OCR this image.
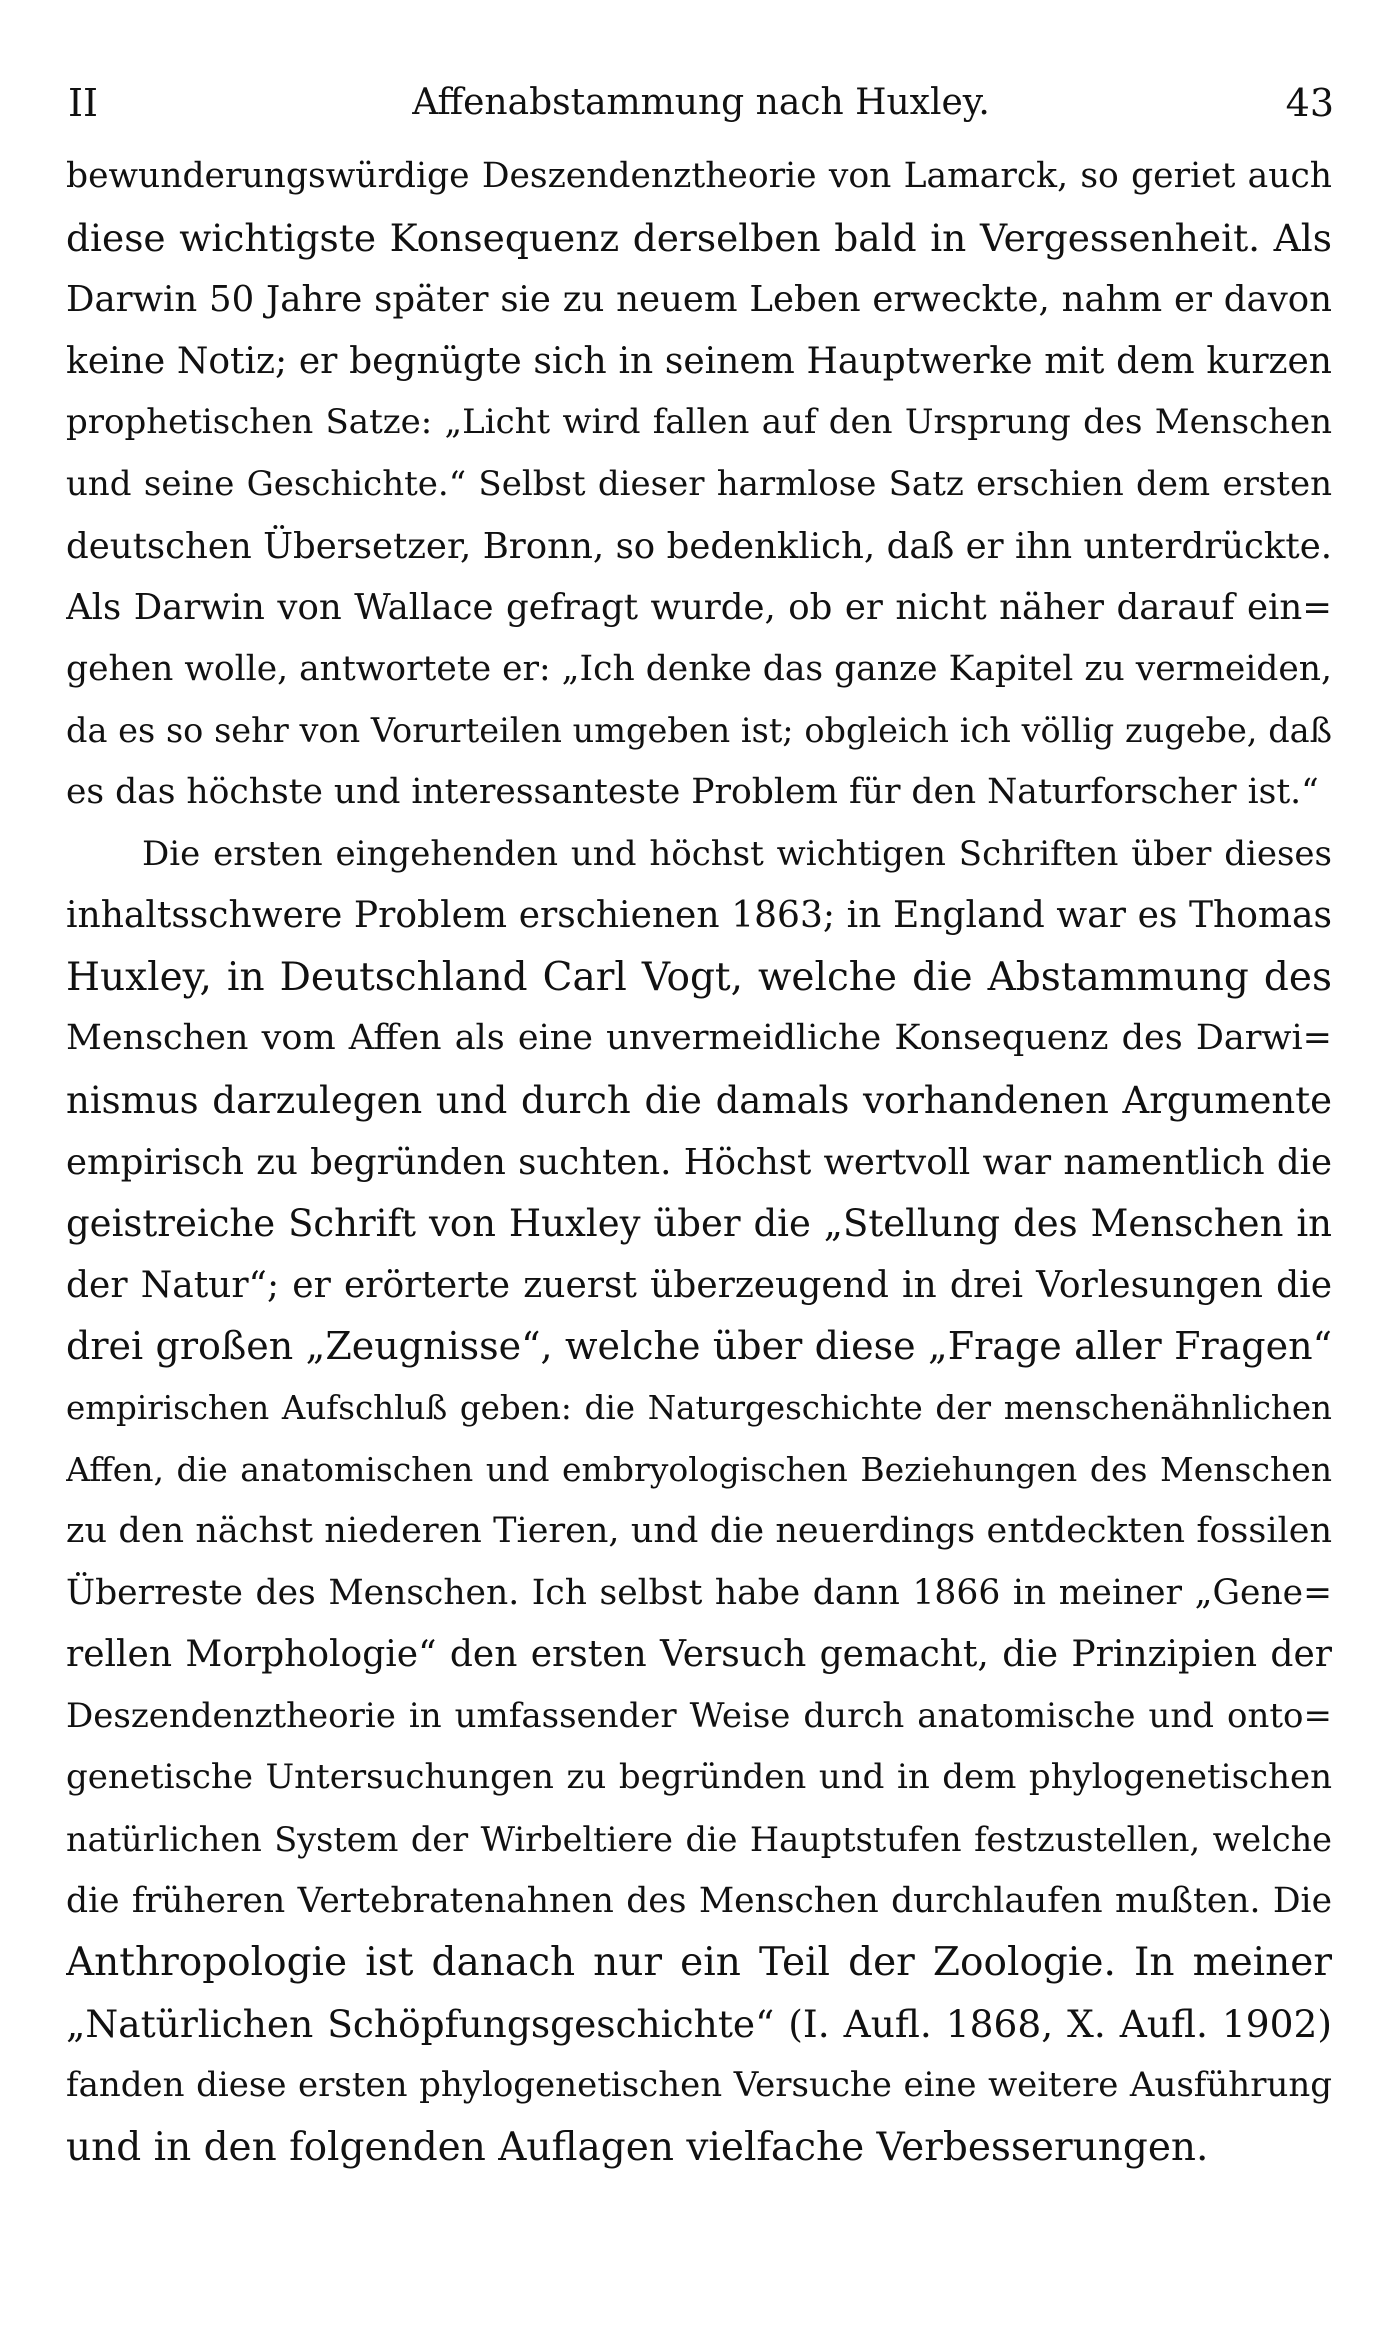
II	Affenabstammung nach Huxley.	43
bewunderungswürdige Deszendenztheorie von Lamarck, so geriet auch
diese wichtigste Konsequenz derselben bald in Vergessenheit. Als
Darwin 50 Jahre später sie zu neuem Leben erweckte, nahm er davon
keine Notiz; er begnügte sich in seinem Hauptwerke mit dem kurzen
prophetischen Satze: „Licht wird fallen auf den Ursprung des Menschen
und seine Geschichte.“ Selbst dieser harmlose Satz erschien dem ersten
deutschen Übersetzer, Bronn, so bedenklich, daß er ihn unterdrückte.
Als Darwin von Wallace gefragt wurde, ob er nicht näher darauf ein=
gehen wolle, antwortete er: „Ich denke das ganze Kapitel zu vermeiden,
da es so sehr von Vorurteilen umgeben ist; obgleich ich völlig zugebe, daß
es das höchste und interessanteste Problem für den Naturforscher ist.“
Die ersten eingehenden und höchst wichtigen Schriften über dieses
inhaltsschwere Problem erschienen 1863; in England war es Thomas
Huxley, in Deutschland Carl Vogt, welche die Abstammung des
Menschen vom Affen als eine unvermeidliche Konsequenz des Darwi=
nismus darzulegen und durch die damals vorhandenen Argumente
empirisch zu begründen suchten. Höchst wertvoll war namentlich die
geistreiche Schrift von Huxley über die „Stellung des Menschen in
der Natur“; er erörterte zuerst überzeugend in drei Vorlesungen die
drei großen „Zeugnisse“, welche über diese „Frage aller Fragen“
empirischen Aufschluß geben: die Naturgeschichte der menschenähnlichen
Affen, die anatomischen und embryologischen Beziehungen des Menschen
zu den nächst niederen Tieren, und die neuerdings entdeckten fossilen
Überreste des Menschen. Ich selbst habe dann 1866 in meiner „Gene=
rellen Morphologie“ den ersten Versuch gemacht, die Prinzipien der
Deszendenztheorie in umfassender Weise durch anatomische und onto=
genetische Untersuchungen zu begründen und in dem phylogenetischen
natürlichen System der Wirbeltiere die Hauptstufen festzustellen, welche
die früheren Vertebratenahnen des Menschen durchlaufen mußten. Die
Anthropologie ist danach nur ein Teil der Zoologie. In meiner
„Natürlichen Schöpfungsgeschichte“ (I. Aufl. 1868, X. Aufl. 1902)
fanden diese ersten phylogenetischen Versuche eine weitere Ausführung
und in den folgenden Auflagen vielfache Verbesserungen.
